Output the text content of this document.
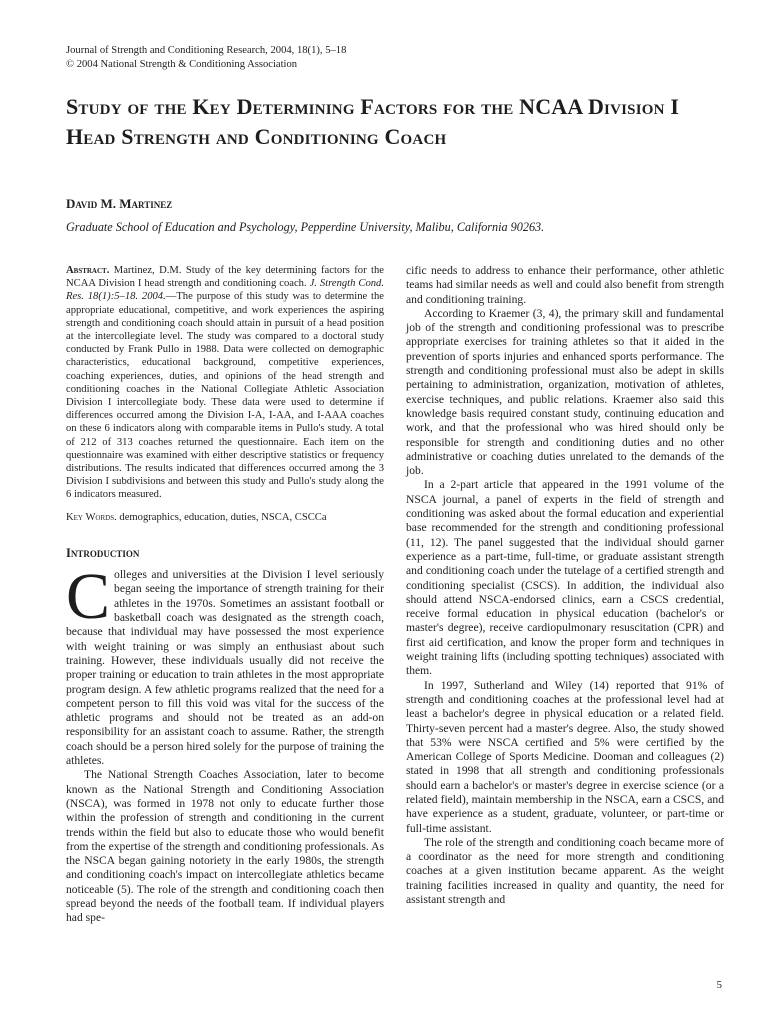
Journal of Strength and Conditioning Research, 2004, 18(1), 5–18
© 2004 National Strength & Conditioning Association
Study of the Key Determining Factors for the NCAA Division I Head Strength and Conditioning Coach
David M. Martinez
Graduate School of Education and Psychology, Pepperdine University, Malibu, California 90263.
Abstract. Martinez, D.M. Study of the key determining factors for the NCAA Division I head strength and conditioning coach. J. Strength Cond. Res. 18(1):5–18. 2004.—The purpose of this study was to determine the appropriate educational, competitive, and work experiences the aspiring strength and conditioning coach should attain in pursuit of a head position at the intercollegiate level. The study was compared to a doctoral study conducted by Frank Pullo in 1988. Data were collected on demographic characteristics, educational background, competitive experiences, coaching experiences, duties, and opinions of the head strength and conditioning coaches in the National Collegiate Athletic Association Division I intercollegiate body. These data were used to determine if differences occurred among the Division I-A, I-AA, and I-AAA coaches on these 6 indicators along with comparable items in Pullo's study. A total of 212 of 313 coaches returned the questionnaire. Each item on the questionnaire was examined with either descriptive statistics or frequency distributions. The results indicated that differences occurred among the 3 Division I subdivisions and between this study and Pullo's study along the 6 indicators measured.
Key Words. demographics, education, duties, NSCA, CSCCa
Introduction

Colleges and universities at the Division I level seriously began seeing the importance of strength training for their athletes in the 1970s. Sometimes an assistant football or basketball coach was designated as the strength coach, because that individual may have possessed the most experience with weight training or was simply an enthusiast about such training. However, these individuals usually did not receive the proper training or education to train athletes in the most appropriate program design. A few athletic programs realized that the need for a competent person to fill this void was vital for the success of the athletic programs and should not be treated as an add-on responsibility for an assistant coach to assume. Rather, the strength coach should be a person hired solely for the purpose of training the athletes.

The National Strength Coaches Association, later to become known as the National Strength and Conditioning Association (NSCA), was formed in 1978 not only to educate further those within the profession of strength and conditioning in the current trends within the field but also to educate those who would benefit from the expertise of the strength and conditioning professionals. As the NSCA began gaining notoriety in the early 1980s, the strength and conditioning coach's impact on intercollegiate athletics became noticeable (5). The role of the strength and conditioning coach then spread beyond the needs of the football team. If individual players had spe-

cific needs to address to enhance their performance, other athletic teams had similar needs as well and could also benefit from strength and conditioning training.

According to Kraemer (3, 4), the primary skill and fundamental job of the strength and conditioning professional was to prescribe appropriate exercises for training athletes so that it aided in the prevention of sports injuries and enhanced sports performance. The strength and conditioning professional must also be adept in skills pertaining to administration, organization, motivation of athletes, exercise techniques, and public relations. Kraemer also said this knowledge basis required constant study, continuing education and work, and that the professional who was hired should only be responsible for strength and conditioning duties and no other administrative or coaching duties unrelated to the demands of the job.

In a 2-part article that appeared in the 1991 volume of the NSCA journal, a panel of experts in the field of strength and conditioning was asked about the formal education and experiential base recommended for the strength and conditioning professional (11, 12). The panel suggested that the individual should garner experience as a part-time, full-time, or graduate assistant strength and conditioning coach under the tutelage of a certified strength and conditioning specialist (CSCS). In addition, the individual also should attend NSCA-endorsed clinics, earn a CSCS credential, receive formal education in physical education (bachelor's or master's degree), receive cardiopulmonary resuscitation (CPR) and first aid certification, and know the proper form and techniques in weight training lifts (including spotting techniques) associated with them.

In 1997, Sutherland and Wiley (14) reported that 91% of strength and conditioning coaches at the professional level had at least a bachelor's degree in physical education or a related field. Thirty-seven percent had a master's degree. Also, the study showed that 53% were NSCA certified and 5% were certified by the American College of Sports Medicine. Dooman and colleagues (2) stated in 1998 that all strength and conditioning professionals should earn a bachelor's or master's degree in exercise science (or a related field), maintain membership in the NSCA, earn a CSCS, and have experience as a student, graduate, volunteer, or part-time or full-time assistant.

The role of the strength and conditioning coach became more of a coordinator as the need for more strength and conditioning coaches at a given institution became apparent. As the weight training facilities increased in quality and quantity, the need for assistant strength and

5
